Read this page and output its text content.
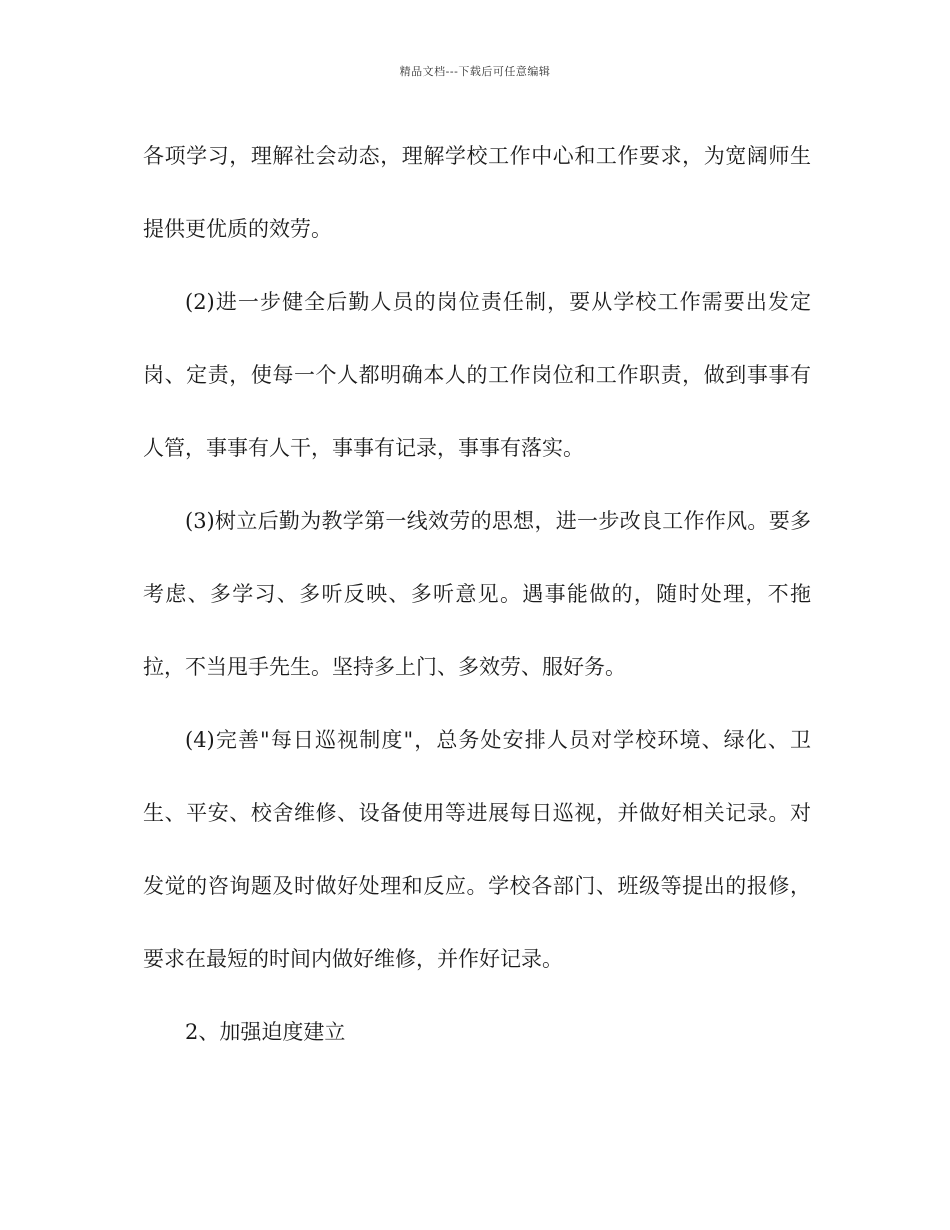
精品文档---下载后可任意编辑

各项学习，理解社会动态，理解学校工作中心和工作要求，为宽阔师生提供更优质的效劳。

(2)进一步健全后勤人员的岗位责任制，要从学校工作需要出发定岗、定责，使每一个人都明确本人的工作岗位和工作职责，做到事事有人管，事事有人干，事事有记录，事事有落实。

(3)树立后勤为教学第一线效劳的思想，进一步改良工作作风。要多考虑、多学习、多听反映、多听意见。遇事能做的，随时处理，不拖拉，不当甩手先生。坚持多上门、多效劳、服好务。

(4)完善"每日巡视制度"，总务处安排人员对学校环境、绿化、卫生、平安、校舍维修、设备使用等进展每日巡视，并做好相关记录。对发觉的咨询题及时做好处理和反应。学校各部门、班级等提出的报修，要求在最短的时间内做好维修，并作好记录。

2、加强迫度建立
